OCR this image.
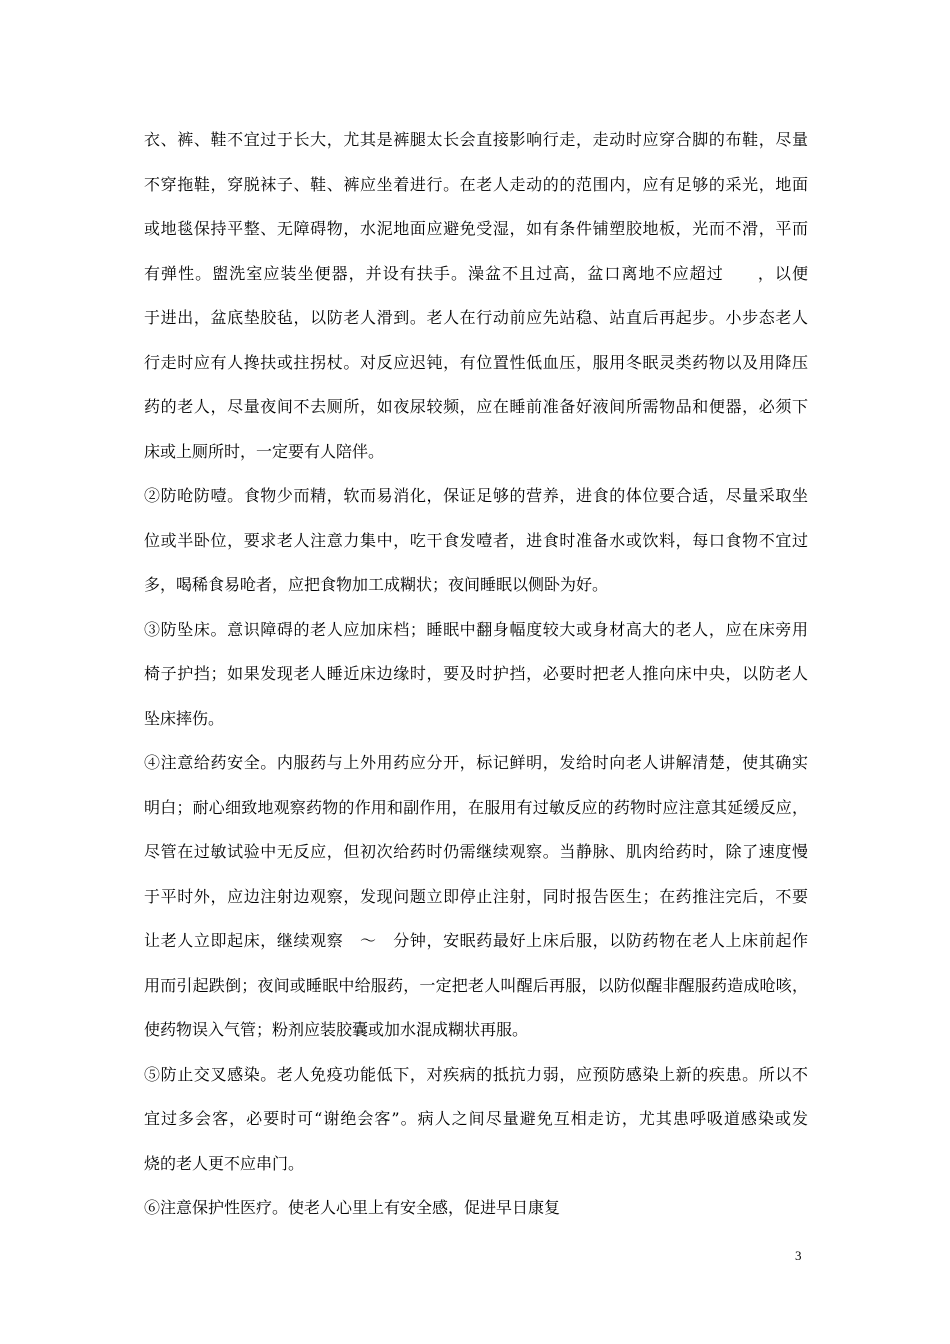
衣、裤、鞋不宜过于长大，尤其是裤腿太长会直接影响行走，走动时应穿合脚的布鞋，尽量
不穿拖鞋，穿脱袜子、鞋、裤应坐着进行。在老人走动的的范围内，应有足够的采光，地面
或地毯保持平整、无障碍物，水泥地面应避免受湿，如有条件铺塑胶地板，光而不滑，平而
有弹性。盥洗室应装坐便器，并设有扶手。澡盆不且过高，盆口离地不应超过　　，以便
于进出，盆底垫胶毡，以防老人滑到。老人在行动前应先站稳、站直后再起步。小步态老人
行走时应有人搀扶或拄拐杖。对反应迟钝，有位置性低血压，服用冬眠灵类药物以及用降压
药的老人，尽量夜间不去厕所，如夜尿较频，应在睡前准备好液间所需物品和便器，必须下
床或上厕所时，一定要有人陪伴。
②防呛防噎。食物少而精，软而易消化，保证足够的营养，进食的体位要合适，尽量采取坐
位或半卧位，要求老人注意力集中，吃干食发噎者，进食时准备水或饮料，每口食物不宜过
多，喝稀食易呛者，应把食物加工成糊状；夜间睡眠以侧卧为好。
③防坠床。意识障碍的老人应加床档；睡眠中翻身幅度较大或身材高大的老人，应在床旁用
椅子护挡；如果发现老人睡近床边缘时，要及时护挡，必要时把老人推向床中央，以防老人
坠床摔伤。
④注意给药安全。内服药与上外用药应分开，标记鲜明，发给时向老人讲解清楚，使其确实
明白；耐心细致地观察药物的作用和副作用，在服用有过敏反应的药物时应注意其延缓反应，
尽管在过敏试验中无反应，但初次给药时仍需继续观察。当静脉、肌肉给药时，除了速度慢
于平时外，应边注射边观察，发现问题立即停止注射，同时报告医生；在药推注完后，不要
让老人立即起床，继续观察　～　分钟，安眠药最好上床后服，以防药物在老人上床前起作
用而引起跌倒；夜间或睡眠中给服药，一定把老人叫醒后再服，以防似醒非醒服药造成呛咳，
使药物误入气管；粉剂应装胶囊或加水混成糊状再服。
⑤防止交叉感染。老人免疫功能低下，对疾病的抵抗力弱，应预防感染上新的疾患。所以不
宜过多会客，必要时可“谢绝会客”。病人之间尽量避免互相走访，尤其患呼吸道感染或发
烧的老人更不应串门。
⑥注意保护性医疗。使老人心里上有安全感，促进早日康复
3
